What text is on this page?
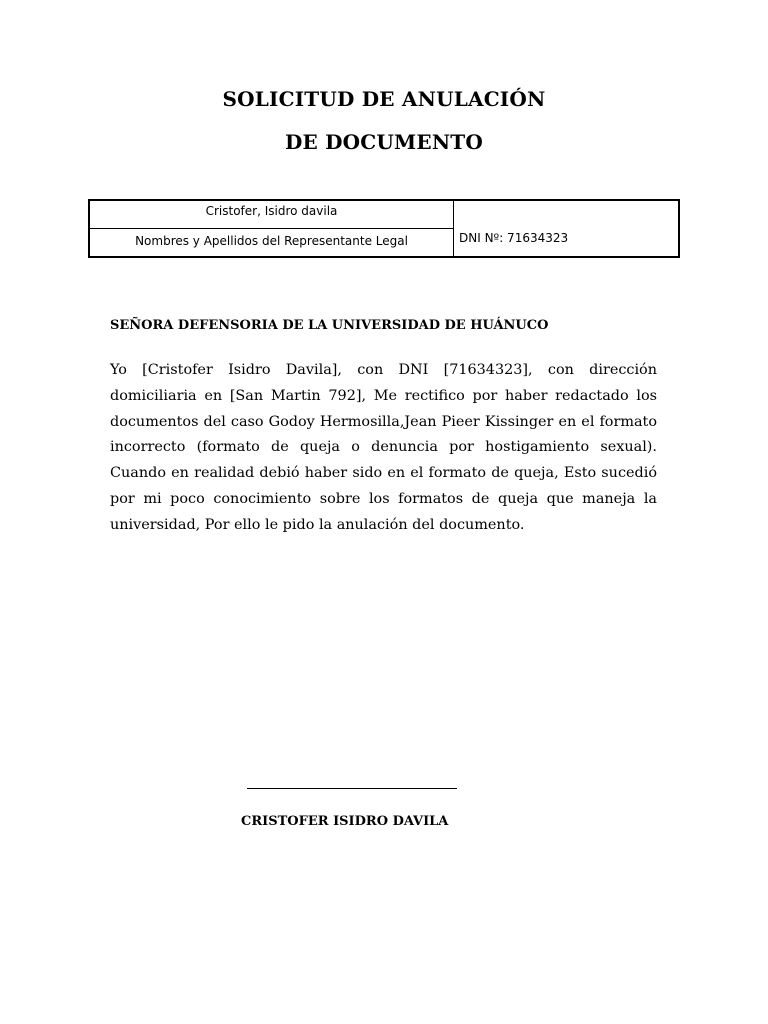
SOLICITUD DE ANULACIÓN
DE DOCUMENTO
Cristofer, Isidro davila
Nombres y Apellidos del Representante Legal	DNI Nº: 71634323

SEÑORA DEFENSORIA DE LA UNIVERSIDAD DE HUÁNUCO

Yo [Cristofer Isidro Davila], con DNI [71634323], con dirección domiciliaria en [San Martin 792], Me rectifico por haber redactado los documentos del caso Godoy Hermosilla,Jean Pieer Kissinger en el formato incorrecto (formato de queja o denuncia por hostigamiento sexual). Cuando en realidad debió haber sido en el formato de queja, Esto sucedió por mi poco conocimiento sobre los formatos de queja que maneja la universidad, Por ello le pido la anulación del documento.

CRISTOFER ISIDRO DAVILA
